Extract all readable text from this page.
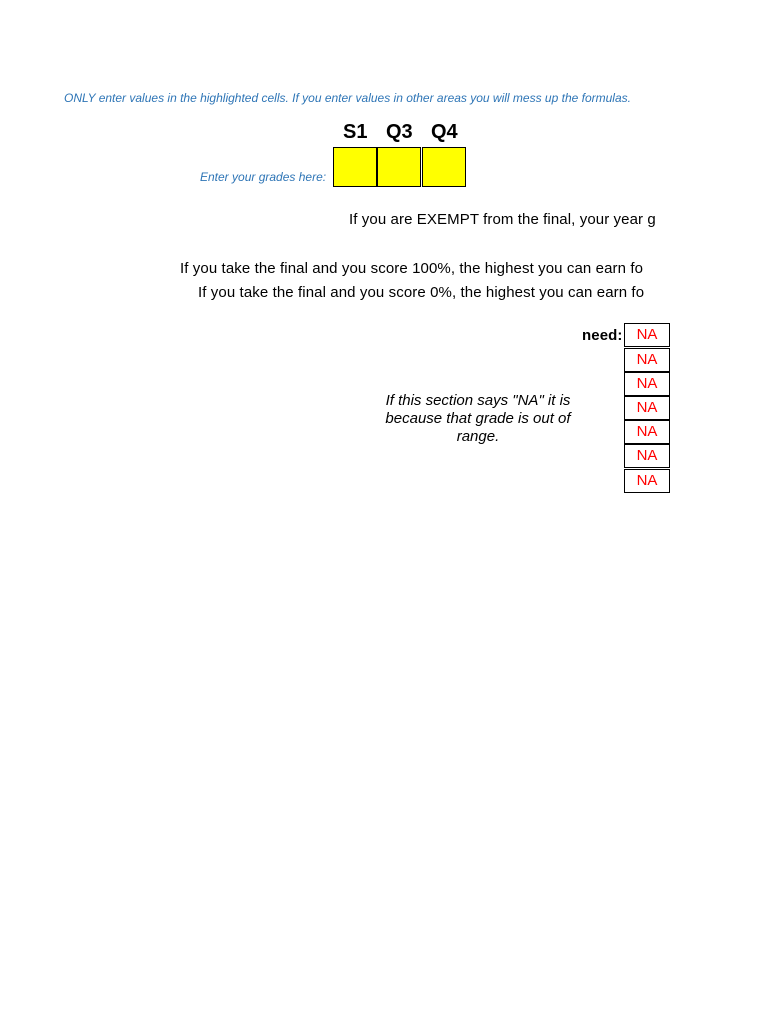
ONLY enter values in the highlighted cells. If you enter values in other areas you will mess up the formulas.
S1 Q3 Q4
Enter your grades here:
If you are EXEMPT from the final, your year g
If you take the final and you score 100%, the highest you can earn fo
If you take the final and you score 0%, the highest you can earn fo
need: NA
NA
NA
NA
NA
NA
NA
If this section says "NA" it is because that grade is out of range.
